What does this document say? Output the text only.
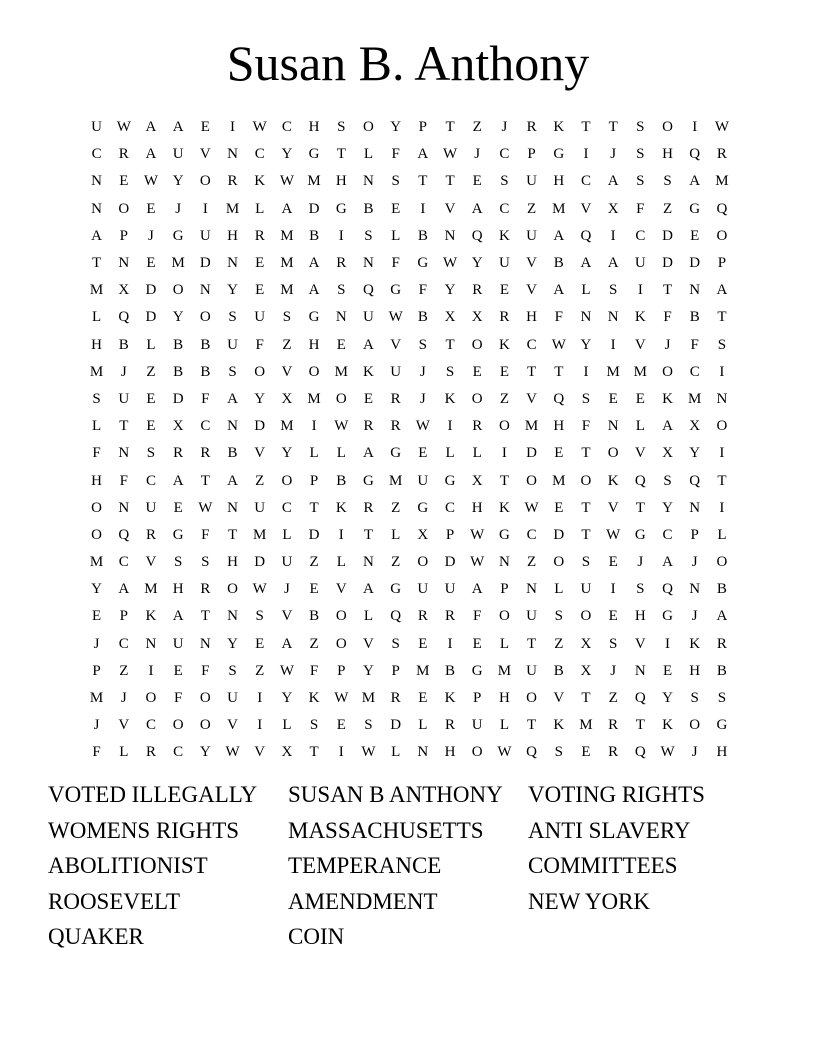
Susan B. Anthony
U W A	A	E	I	W	C	H	S	O	Y	P	T	Z	J	R	K	T	T	S	O	I	W
C	R	A	U	V	N	C	Y	G	T	L	F	A W	J	C	P	G	I	J	S	H	Q	R
N	E	W Y	O	R	K W M	H	N	S	T	T	E	S	U	H	C	A	S	S	A	M
N	O	E	J	I	M	L	A	D	G	B	E	I	V	A	C	Z	M	V	X	F	Z	G	Q
A	P	J	G	U	H	R	M	B	I	S	L	B	N	Q	K	U	A	Q	I	C	D	E	O
T	N	E	M	D	N	E	M	A	R	N	F	G W Y	U	V	B	A	A	U	D	D	P
M	X	D	O	N	Y	E	M	A	S	Q	G	F	Y	R	E	V	A	L	S	I	T	N	A
L	Q	D	Y	O	S	U	S	G	N	U W	B	X	X	R	H	F	N	N	K	F	B	T
H	B	L	B	B	U	F	Z	H	E	A	V	S	T	O	K	C	W Y	I	V	J	F	S
M	J	Z	B	B	S	O	V	O	M	K	U	J	S	E	E	T	T	I	M M	O	C	I
S	U	E	D	F	A	Y	X	M	O	E	R	J	K	O	Z	V	Q	S	E	E	K	M	N
L	T	E	X	C	N	D	M	I	W	R	R	W	I	R	O	M	H	F	N	L	A	X	O
F	N	S	R	R	B	V	Y	L	L	A	G	E	L	L	I	D	E	T	O	V	X	Y	I
H	F	C	A	T	A	Z	O	P	B	G	M	U	G	X	T	O	M	O	K	Q	S	Q	T
O	N	U	E	W N	U	C	T	K	R	Z	G	C	H	K W	E	T	V	T	Y	N	I
O	Q	R	G	F	T	M	L	D	I	T	L	X	P	W G	C	D	T	W G	C	P	L
M	C	V	S	S	H	D	U	Z	L	N	Z	O	D W N	Z	O	S	E	J	A	J	O
Y	A	M	H	R	O W	J	E	V	A	G	U	U	A	P	N	L	U	I	S	Q	N	B
E	P	K	A	T	N	S	V	B	O	L	Q	R	R	F	O	U	S	O	E	H	G	J	A
J	C	N	U	N	Y	E	A	Z	O	V	S	E	I	E	L	T	Z	X	S	V	I	K	R
P	Z	I	E	F	S	Z	W	F	P	Y	P	M	B	G	M	U	B	X	J	N	E	H	B
M	J	O	F	O	U	I	Y	K W M	R	E	K	P	H	O	V	T	Z	Q	Y	S	S
J	V	C	O	O	V	I	L	S	E	S	D	L	R	U	L	T	K	M	R	T	K	O	G
F	L	R	C	Y W V	X	T	I	W	L	N	H	O W Q	S	E	R	Q W	J	H
VOTED ILLEGALLY	SUSAN B ANTHONY	VOTING RIGHTS
WOMENS RIGHTS	MASSACHUSETTS	ANTI SLAVERY
ABOLITIONIST	TEMPERANCE	COMMITTEES
ROOSEVELT	AMENDMENT	NEW YORK
QUAKER	COIN
